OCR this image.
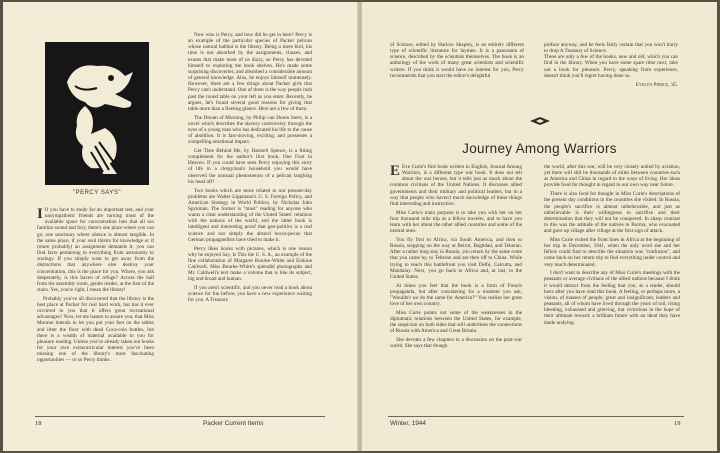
"PERCY SAYS"

I If you have to study for an important test, and your unsympathetic friends are turning most of the available space for concentration into that all too familiar sound and fury, there's one place where you can go, one sanctuary where silence is almost tangible. In the same place, if your soul thirsts for knowledge or if (more probably) an assignment demands it, you can find facts pertaining to everything from astronomy to zoology. If you simply want to get away from the distractions that anywhere else destroy your concentration, this is the place for you. Where, you ask desperately, is this haven of refuge? Across the hall from the assembly room, gentle reader, at the foot of the stairs. Yes, you're right, I mean the library!

Probably you've all discovered that the library is the best place at Packer for real hard work, but has it ever occurred to you that it offers great recreational advantages? Now, let me hasten to assure you, that Miss Monroe intends to let you put your feet on the tables and litter the floor with dead Coca-cola bottles, but there is a wealth of material available to you for pleasure reading. Unless you've already taken out books for your own extracurricular interest you've been missing one of the library's most fascinating opportunities — or so Percy thinks.

Now who is Percy, and how did he get in here? Percy is an example of the particular species of Packer pelican whose natural habitat is the library. Being a mere bird, his time is not absorbed by the assignments, classes, and exams that make most of us dizzy, so Percy has devoted himself to exploring the book shelves. He's made some surprising discoveries, and absorbed a considerable amount of general knowledge. Also, he enjoys himself immensely. However, there are a few things about Packer girls that Percy can't understand. One of them is the way people rush past the round table on your left as you enter. Recently, he argues, he's found several good reasons for giving that table more than a fleeting glance. Here are a few of them.

The Dream of Morning, by Philip van Doren Stern, is a novel which describes the slavery controversy through the eyes of a young man who has dedicated his life to the cause of abolition. It is fast-moving, exciting, and possesses a compelling emotional impact.

Get Thee Behind Me, by Hartzell Spence, is a fitting complement for the author's first book, One Foot in Heaven. If you could have seen Percy enjoying this story of life in a clergyman's household you would have observed the unusual phenomenon of a pelican laughing his head off!

Two books which are more related to our present-day problems are Walter Lippmann's U. S. Foreign Policy, and American Strategy in World Politics, by Nicholas John Spykman. The former is "must" reading for anyone who wants a clear understanding of the United States' relations with the nations of the world, and the latter book is intelligent and interesting proof that geo-politics is a real science and not simply the absurd hocus-pocus that German propagandists have tried to make it.

Percy likes books with pictures, which is one reason why he enjoyed Say, Is This the U. S. A., an example of the fine collaboration of Margaret Bourke-White and Erskine Caldwell. Miss Bourke-White's splendid photographs and Mr. Caldwell's text make a volume that is like its subject, big and broad and human.

If you aren't scientific, and you never read a book about science for fun before, you have a new experience waiting for you. A Treasury

18	Packer Current Items

of Science, edited by Harlow Shapley, is an entirely different type of scientific literature for laymen. It is a panorama of science, described by the scientists themselves. The book is an anthology of the work of many great scientists and scientific writers. If you think it would have no interest for you, Percy recommends that you start the editor's delightful

preface anyway, and he feels fairly certain that you won't hurry to drop A Treasury of Science.
These are only a few of the books, new and old, which you can find in the library. When you have some spare time next, take out a book for pleasure. Percy, speaking from experience, doesn't think you'll regret having done so.

Evelyn Pierce, '45.
Journey Among Warriors

E Eve Curie's first book written in English, Journal Among Warriors, is a different type war book. It does not tell about the war heroes, but it tells just as much about the common civilians of the United Nations. It discusses allied governments and their military and political leaders, but in a way that people who haven't much knowledge of these things find interesting and instructive.

Miss Curie's main purpose is to take you with her on her four thousand mile trip as a fellow traveler, and to have you learn with her about the other allied countries and some of the neutral ones.

You fly first to Africa, via South America, and then to Russia, stopping on the way at Beirut, Baghdad, and Teheran. After a rather long stay in Russia, you return by the same route that you came by, to Teheran and are then off to China. While trying to reach this battlefront you visit Delhi, Calcutta, and Mandalay. Next, you go back to Africa and, at last, to the United States.

At times you feel that the book is a form of French propaganda, but after considering for a moment you ask, "Wouldn't we do the same for America?" You realize her great love of her own country.

Miss Curie points out some of the weaknesses in the diplomatic relations between the United States, for example, the suspicion on both sides that still underlines the connections of Russia with America and Great Britain.

She devotes a few chapters to a discussion on the post-war world. She says that though

the world, after this war, will be very closely united by aviation, yet there will still be thousands of miles between countries such as America and China in regard to the ways of living. Her ideas provide food for thought in regard to our own way near future.

There is also food for thought in Miss Curie's descriptions of the present day conditions in the countries she visited. In Russia, the people's sacrifice is almost unbelievable, and just as unbelievable is their willingness to sacrifice and their determination that they will not be conquered. In sharp contrast to this was the attitude of the natives in Burma, who evacuated and gave up village after village at the first sign of attack.

Miss Curie visited the front lines in Africa at the beginning of her trip in December, 1941, when the only word she and her fellow could find to describe the situation was "confusion", and came back on her return trip to find everything under control and very much determinated.

I don't want to describe any of Miss Curie's meetings with the peasants or average civilians of the allied nations because I think it would detract from the feeling that you, as a reader, should have after you have read this book. A feeling, or perhaps more, a vision, of masses of people, great and insignificant, leaders and peasants, all of whom have lived through the years of toil, rising bleeding, exhausted and grieving, but victorious in the hope of their ultimate reward; a brilliant future with an ideal they have made undying.

Winter, 1944	19
